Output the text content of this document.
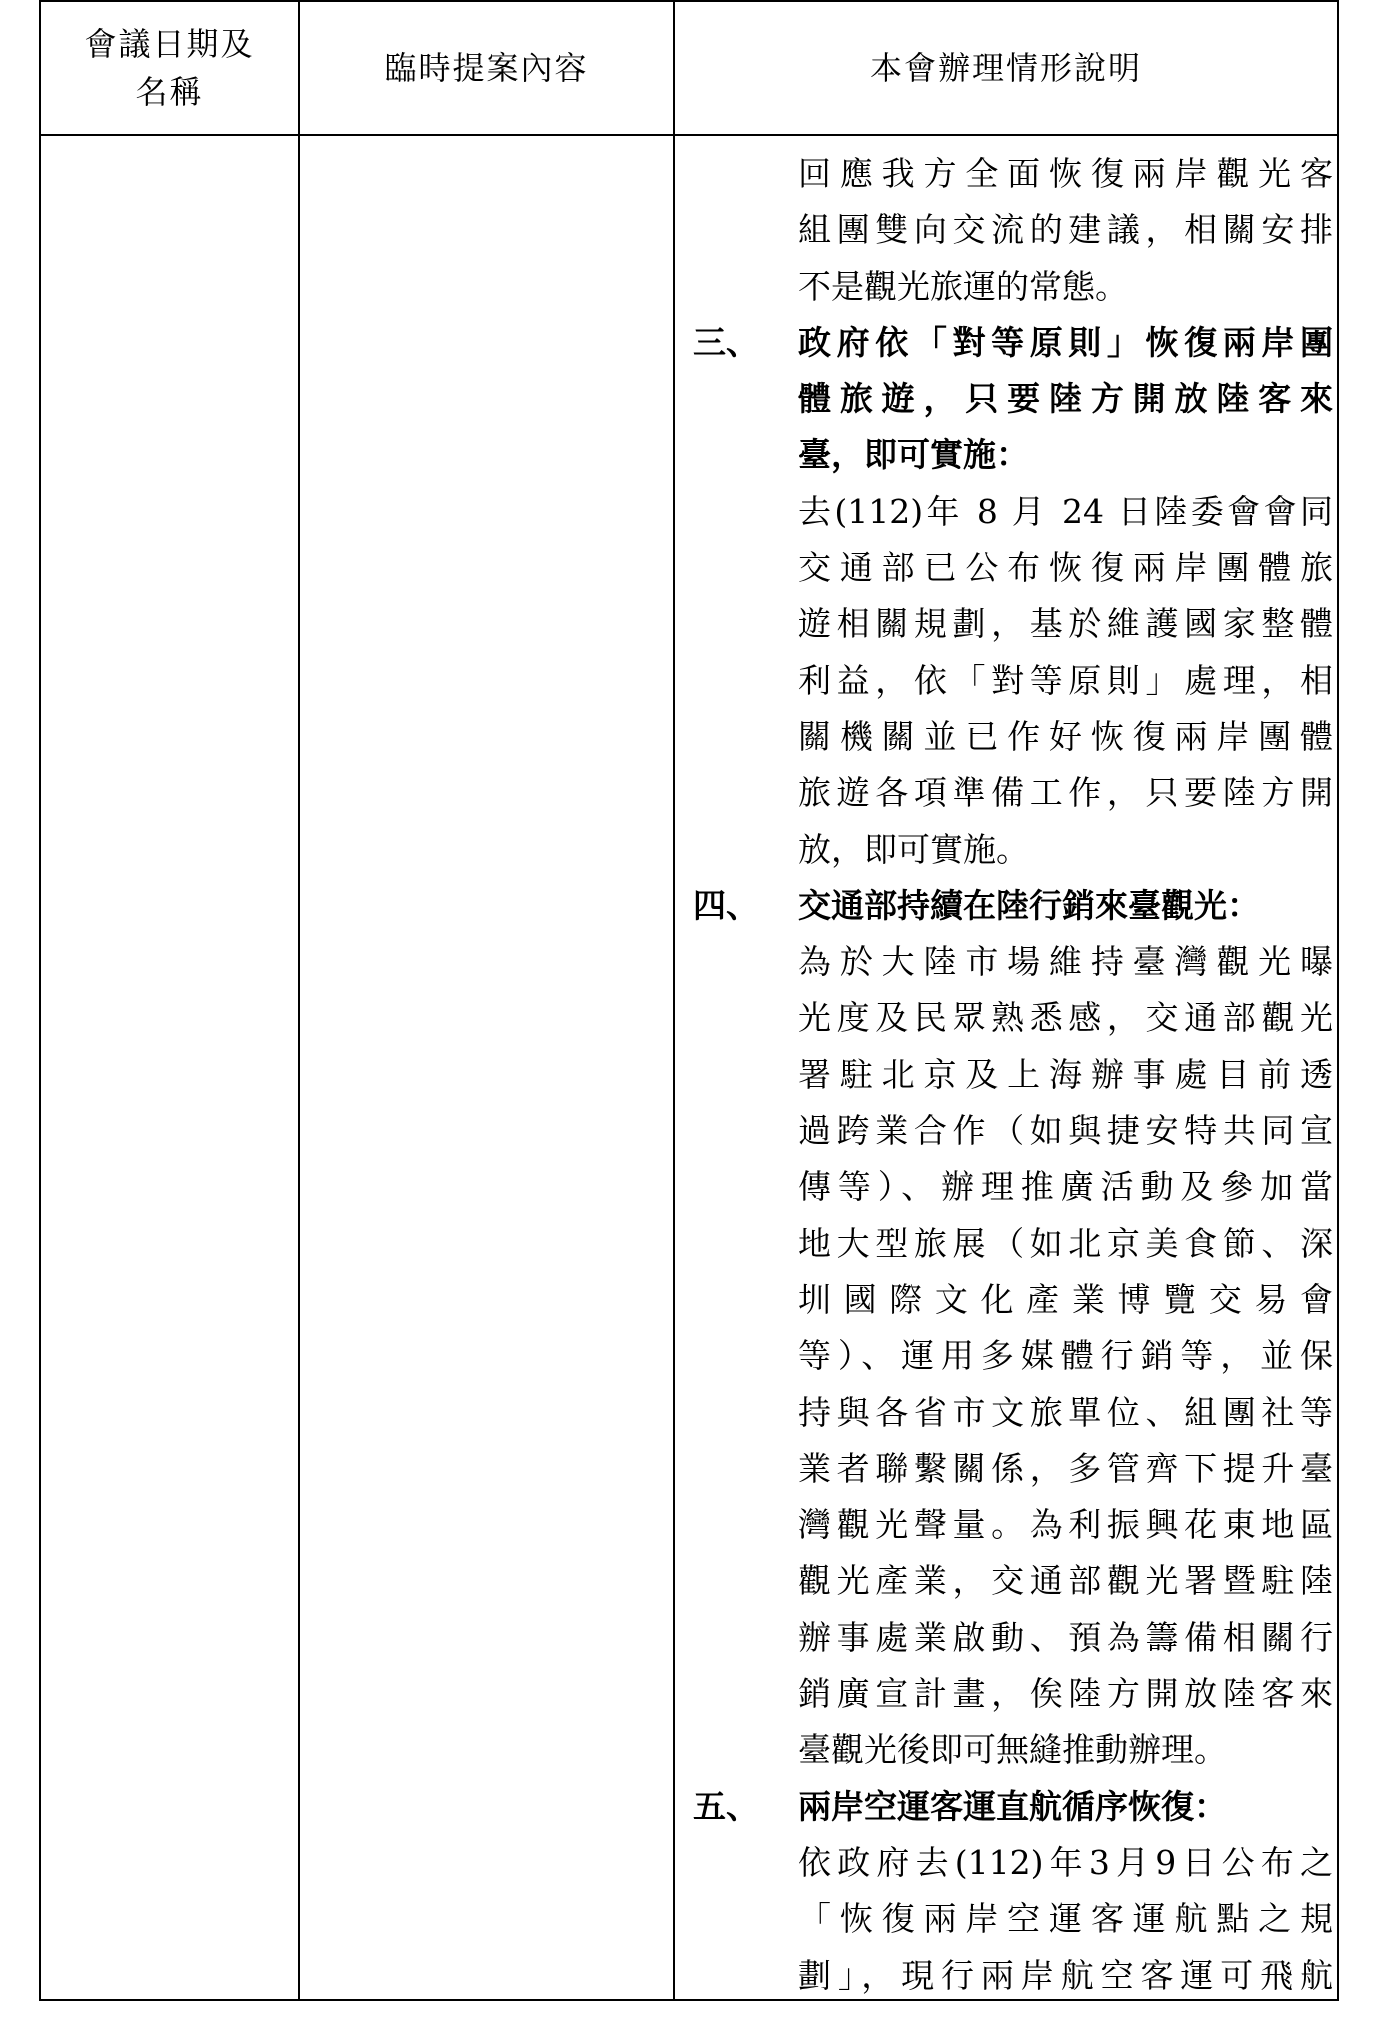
會議日期及
名稱
臨時提案內容	本會辦理情形說明
回應我方全面恢復兩岸觀光客
組團雙向交流的建議，相關安排
不是觀光旅運的常態。
三、 政府依「對等原則」恢復兩岸團
體旅遊，只要陸方開放陸客來
臺，即可實施：
去(112)年 8 月 24 日陸委會會同
交通部已公布恢復兩岸團體旅
遊相關規劃，基於維護國家整體
利益，依「對等原則」處理，相
關機關並已作好恢復兩岸團體
旅遊各項準備工作，只要陸方開
放，即可實施。
四、 交通部持續在陸行銷來臺觀光：
為於大陸市場維持臺灣觀光曝
光度及民眾熟悉感，交通部觀光
署駐北京及上海辦事處目前透
過跨業合作（如與捷安特共同宣
傳等）、辦理推廣活動及參加當
地大型旅展（如北京美食節、深
圳國際文化產業博覽交易會
等）、運用多媒體行銷等，並保
持與各省市文旅單位、組團社等
業者聯繫關係，多管齊下提升臺
灣觀光聲量。為利振興花東地區
觀光產業，交通部觀光署暨駐陸
辦事處業啟動、預為籌備相關行
銷廣宣計畫，俟陸方開放陸客來
臺觀光後即可無縫推動辦理。
五、 兩岸空運客運直航循序恢復：
依政府去(112)年3月9日公布之
「恢復兩岸空運客運航點之規
劃」，現行兩岸航空客運可飛航
